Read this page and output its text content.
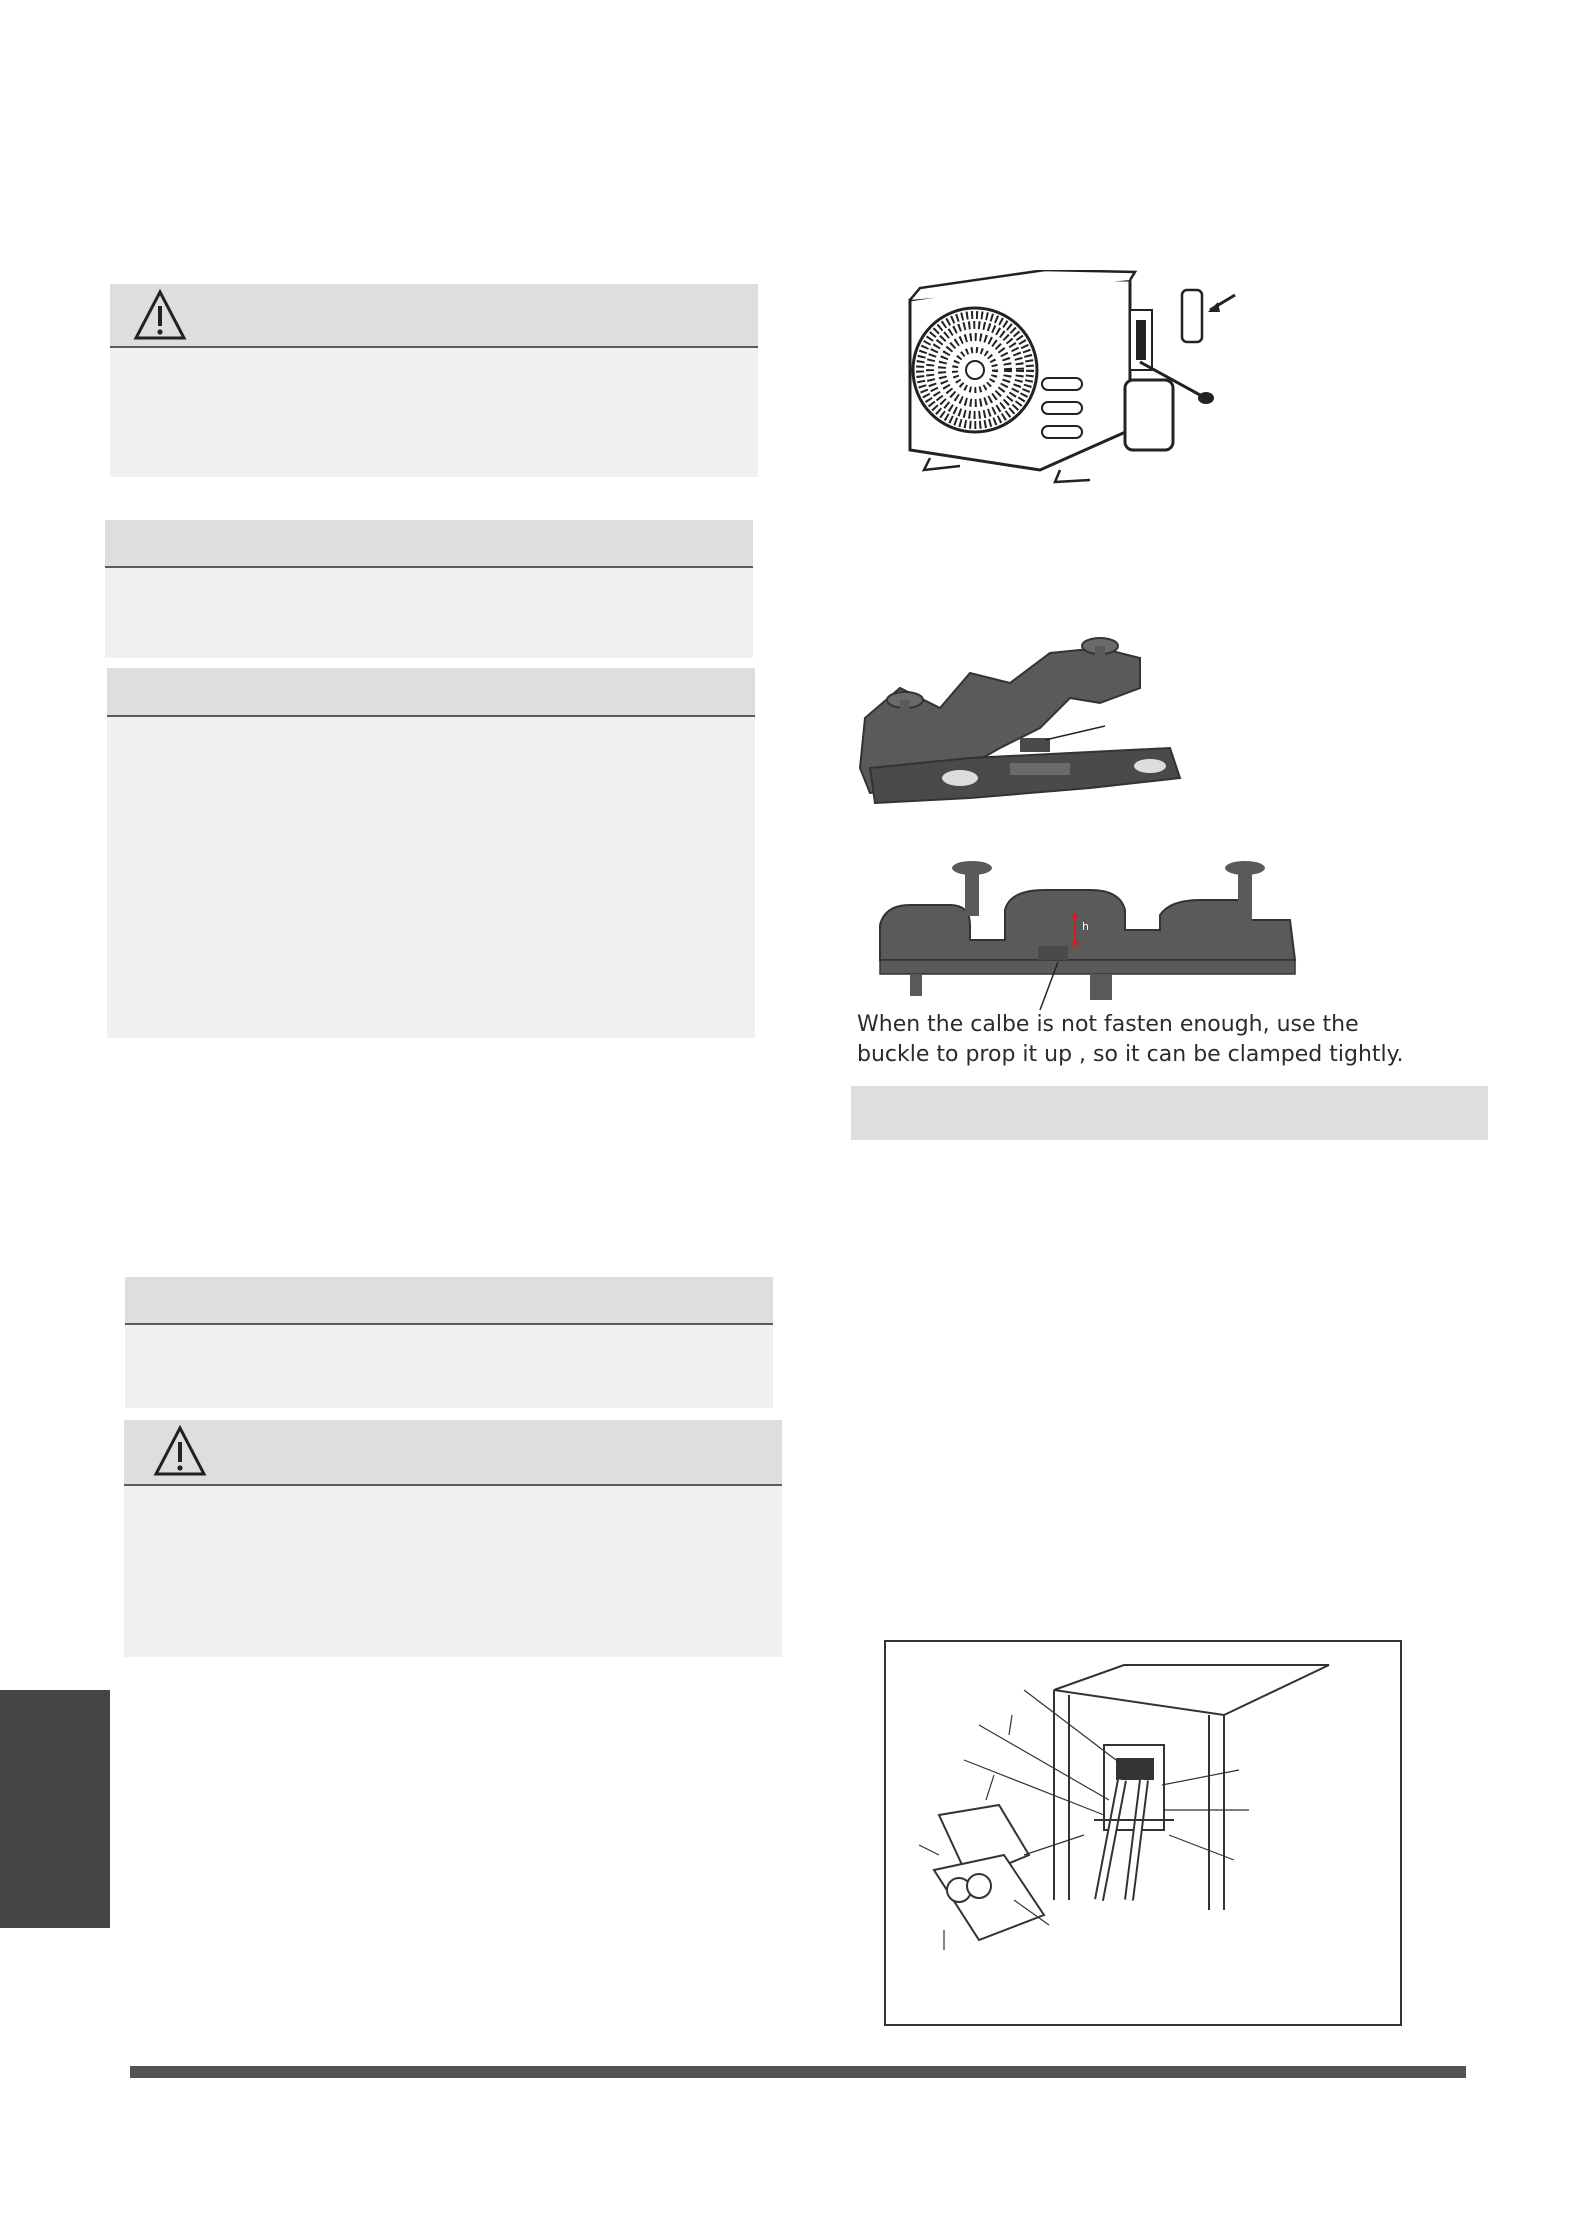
h
When the calbe is not fasten enough, use the
buckle to prop it up , so it can be clamped tightly.
